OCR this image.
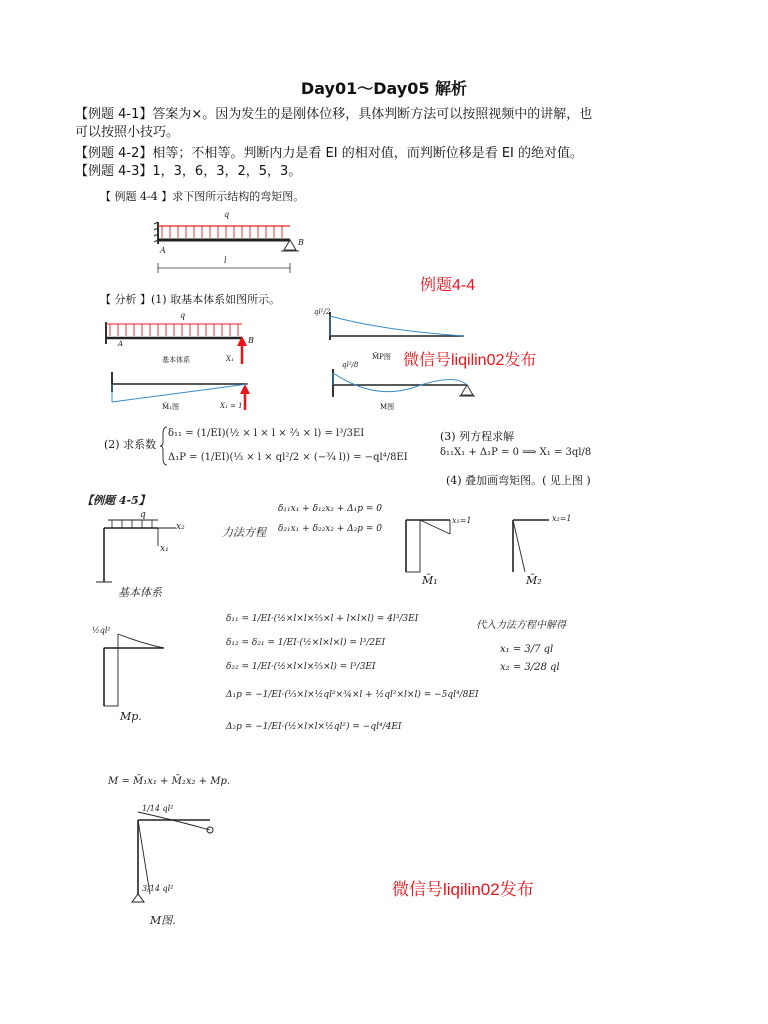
Day01～Day05 解析
【例题 4-1】答案为×。因为发生的是刚体位移，具体判断方法可以按照视频中的讲解，也
可以按照小技巧。
【例题 4-2】相等；不相等。判断内力是看 EI 的相对值，而判断位移是看 EI 的绝对值。
【例题 4-3】1，3，6，3，2，5，3。
【 例题 4-4 】求下图所示结构的弯矩图。
q
A
B
l
例题4-4
【 分析 】(1) 取基本体系如图所示。
q
A	B
基本体系	X₁
ql²/2
M̄P图 微信号liqilin02发布
M̄₁图	X₁ = 1
ql²/8
M图
(2) 求系数
δ₁₁ = (1/EI)(½ × l × l × ⅔ × l) = l³/3EI
Δ₁P = (1/EI)(⅓ × l × ql²/2 × (−¾ l)) = −ql⁴/8EI
(3) 列方程求解
δ₁₁X₁ + Δ₁P = 0 ⟹ X₁ = 3ql/8
(4) 叠加画弯矩图。( 见上图 )
【例题 4-5】
q
x₂
x₁
基本体系
力法方程
δ₁₁x₁ + δ₁₂x₂ + Δ₁p = 0
δ₂₁x₁ + δ₂₂x₂ + Δ₂p = 0
x₁=1
M̄₁
x₂=1
M̄₂
½ql²
Mp.
δ₁₁ = 1/EI·(½×l×l×⅔×l + l×l×l) = 4l³/3EI
δ₁₂ = δ₂₁ = 1/EI·(½×l×l×l) = l³/2EI
δ₂₂ = 1/EI·(½×l×l×⅔×l) = l³/3EI
Δ₁p = −1/EI·(⅓×l×½ql²×¾×l + ½ql²×l×l) = −5ql⁴/8EI
Δ₂p = −1/EI·(½×l×l×½ql²) = −ql⁴/4EI
代入力法方程中解得
x₁ = 3/7 ql
x₂ = 3/28 ql
M = M̄₁x₁ + M̄₂x₂ + Mp.
1/14 ql²
3/14 ql²
M图.
微信号liqilin02发布
